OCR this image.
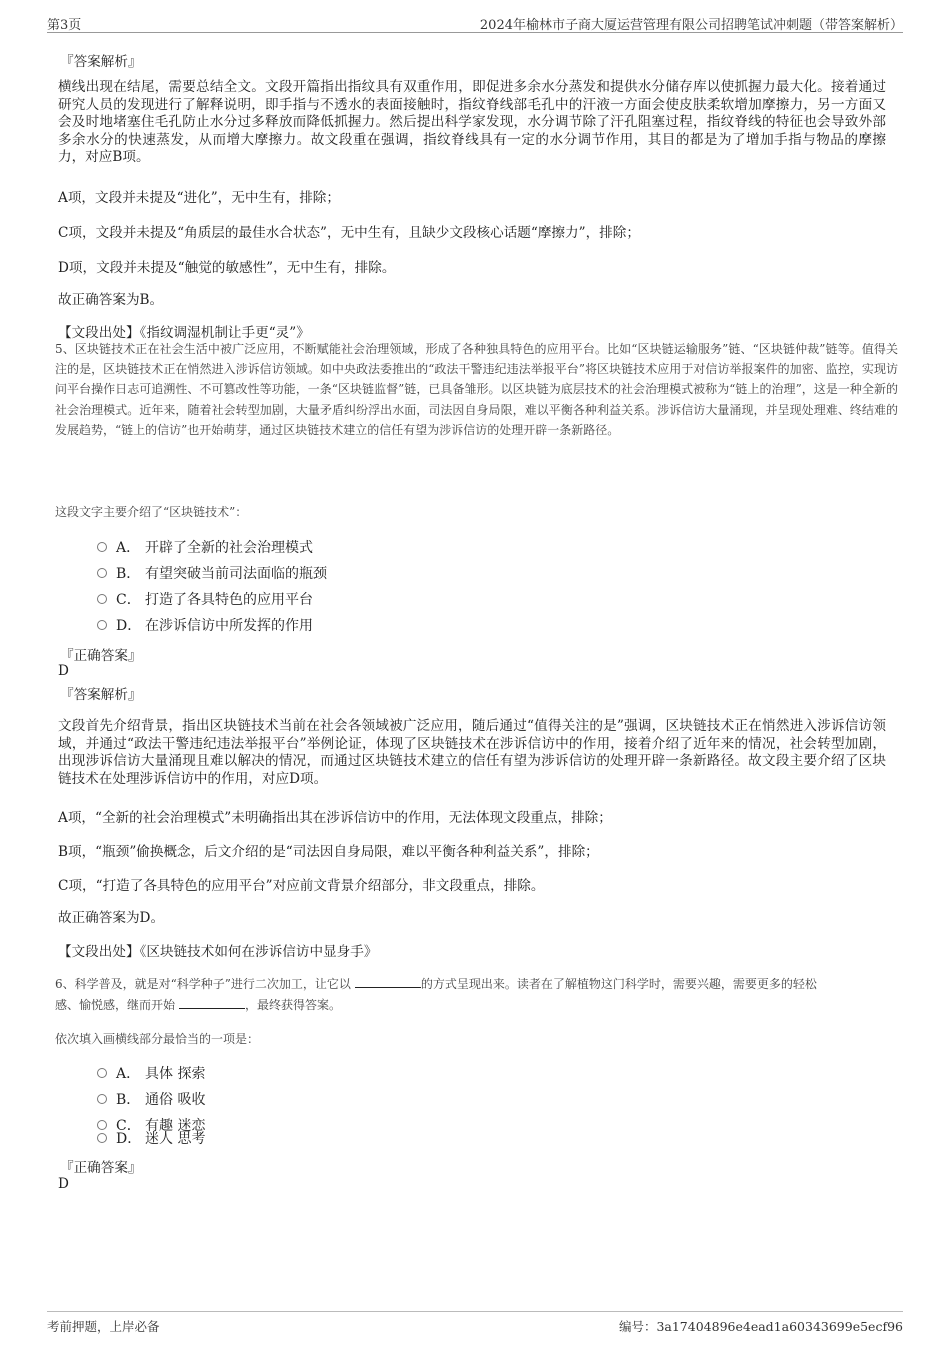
第3页	2024年榆林市子商大厦运营管理有限公司招聘笔试冲刺题（带答案解析）
『答案解析』
横线出现在结尾，需要总结全文。文段开篇指出指纹具有双重作用，即促进多余水分蒸发和提供水分储存库以使抓握力最大化。接着通过研究人员的发现进行了解释说明，即手指与不透水的表面接触时，指纹脊线部毛孔中的汗液一方面会使皮肤柔软增加摩擦力，另一方面又会及时地堵塞住毛孔防止水分过多释放而降低抓握力。然后提出科学家发现，水分调节除了汗孔阻塞过程，指纹脊线的特征也会导致外部多余水分的快速蒸发，从而增大摩擦力。故文段重在强调，指纹脊线具有一定的水分调节作用，其目的都是为了增加手指与物品的摩擦力，对应B项。
A项，文段并未提及“进化”，无中生有，排除；
C项，文段并未提及“角质层的最佳水合状态”，无中生有，且缺少文段核心话题“摩擦力”，排除；
D项，文段并未提及“触觉的敏感性”，无中生有，排除。
故正确答案为B。
【文段出处】《指纹调湿机制让手更“灵”》
5、区块链技术正在社会生活中被广泛应用，不断赋能社会治理领域，形成了各种独具特色的应用平台。比如“区块链运输服务”链、“区块链仲裁”链等。值得关注的是，区块链技术正在悄然进入涉诉信访领域。如中央政法委推出的“政法干警违纪违法举报平台”将区块链技术应用于对信访举报案件的加密、监控，实现访问平台操作日志可追溯性、不可篡改性等功能，一条“区块链监督”链，已具备雏形。以区块链为底层技术的社会治理模式被称为“链上的治理”，这是一种全新的社会治理模式。近年来，随着社会转型加剧，大量矛盾纠纷浮出水面，司法因自身局限，难以平衡各种利益关系。涉诉信访大量涌现，并呈现处理难、终结难的发展趋势，“链上的信访”也开始萌芽，通过区块链技术建立的信任有望为涉诉信访的处理开辟一条新路径。
这段文字主要介绍了“区块链技术”：
A． 开辟了全新的社会治理模式
B． 有望突破当前司法面临的瓶颈
C． 打造了各具特色的应用平台
D． 在涉诉信访中所发挥的作用
『正确答案』
D
『答案解析』
文段首先介绍背景，指出区块链技术当前在社会各领域被广泛应用，随后通过“值得关注的是”强调，区块链技术正在悄然进入涉诉信访领域，并通过“政法干警违纪违法举报平台”举例论证，体现了区块链技术在涉诉信访中的作用，接着介绍了近年来的情况，社会转型加剧，出现涉诉信访大量涌现且难以解决的情况，而通过区块链技术建立的信任有望为涉诉信访的处理开辟一条新路径。故文段主要介绍了区块链技术在处理涉诉信访中的作用，对应D项。
A项，“全新的社会治理模式”未明确指出其在涉诉信访中的作用，无法体现文段重点，排除；
B项，“瓶颈”偷换概念，后文介绍的是“司法因自身局限，难以平衡各种利益关系”，排除；
C项，“打造了各具特色的应用平台”对应前文背景介绍部分，非文段重点，排除。
故正确答案为D。
【文段出处】《区块链技术如何在涉诉信访中显身手》
6、科学普及，就是对“科学种子”进行二次加工，让它以	的方式呈现出来。读者在了解植物这门科学时，需要兴趣，需要更多的轻松
感、愉悦感，继而开始	，最终获得答案。
依次填入画横线部分最恰当的一项是：
A． 具体 探索
B． 通俗 吸收
C． 有趣 迷恋
D． 迷人 思考
『正确答案』
D
考前押题，上岸必备	编号：3a17404896e4ead1a60343699e5ecf96
